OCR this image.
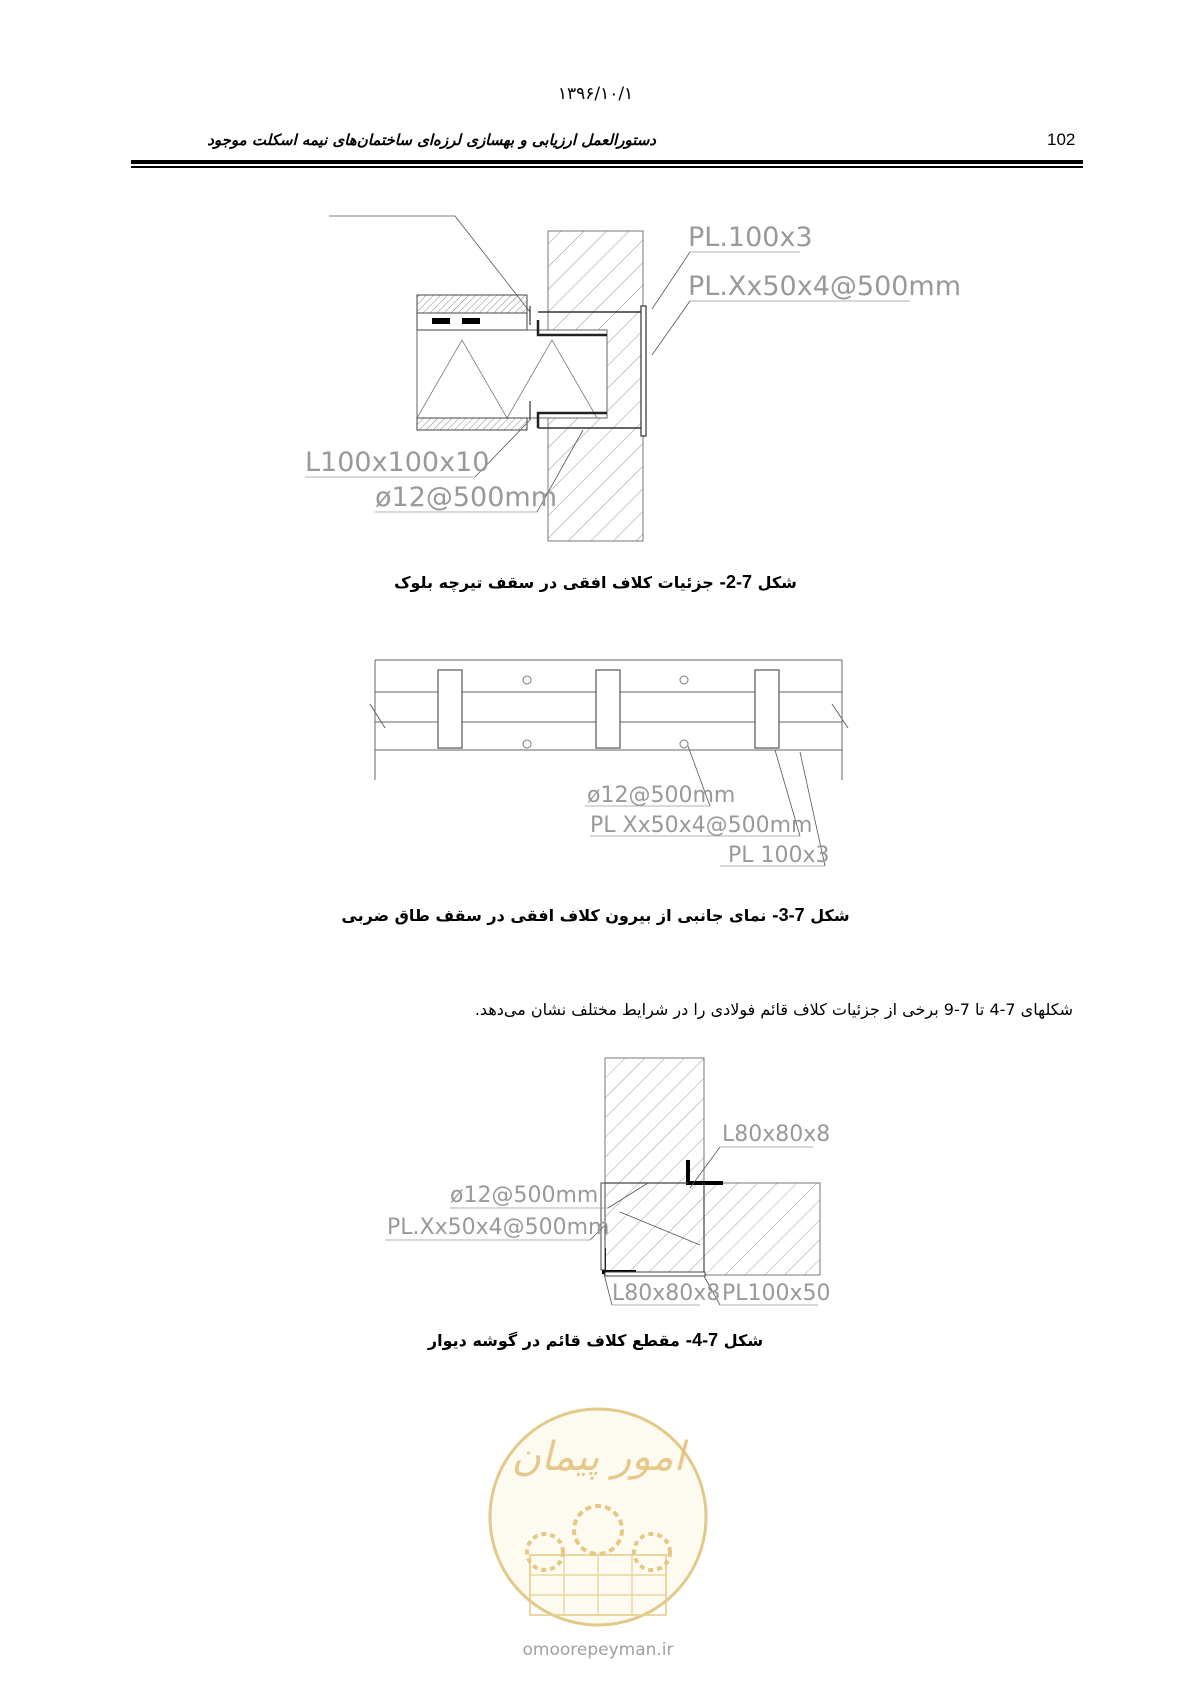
۱۳۹۶/۱۰/۱
دستورالعمل ارزیابی و بهسازی لرزه‌ای ساختمان‌های نیمه اسکلت موجود	102
PL.100x3
PL.Xx50x4@500mm
L100x100x10
ø12@500mm
شکل 7-2- جزئیات کلاف افقی در سقف تیرچه بلوک
ø12@500mm
PL Xx50x4@500mm
PL 100x3
شکل 7-3- نمای جانبی از بیرون کلاف افقی در سقف طاق ضربی
شکلهای 7-4 تا 7-9 برخی از جزئیات کلاف قائم فولادی را در شرایط مختلف نشان می‌دهد.
L80x80x8
ø12@500mm
PL.Xx50x4@500mm
L80x80x8 PL100x50
شکل 7-4- مقطع کلاف قائم در گوشه دیوار
امور پیمان
omoorepeyman.ir
